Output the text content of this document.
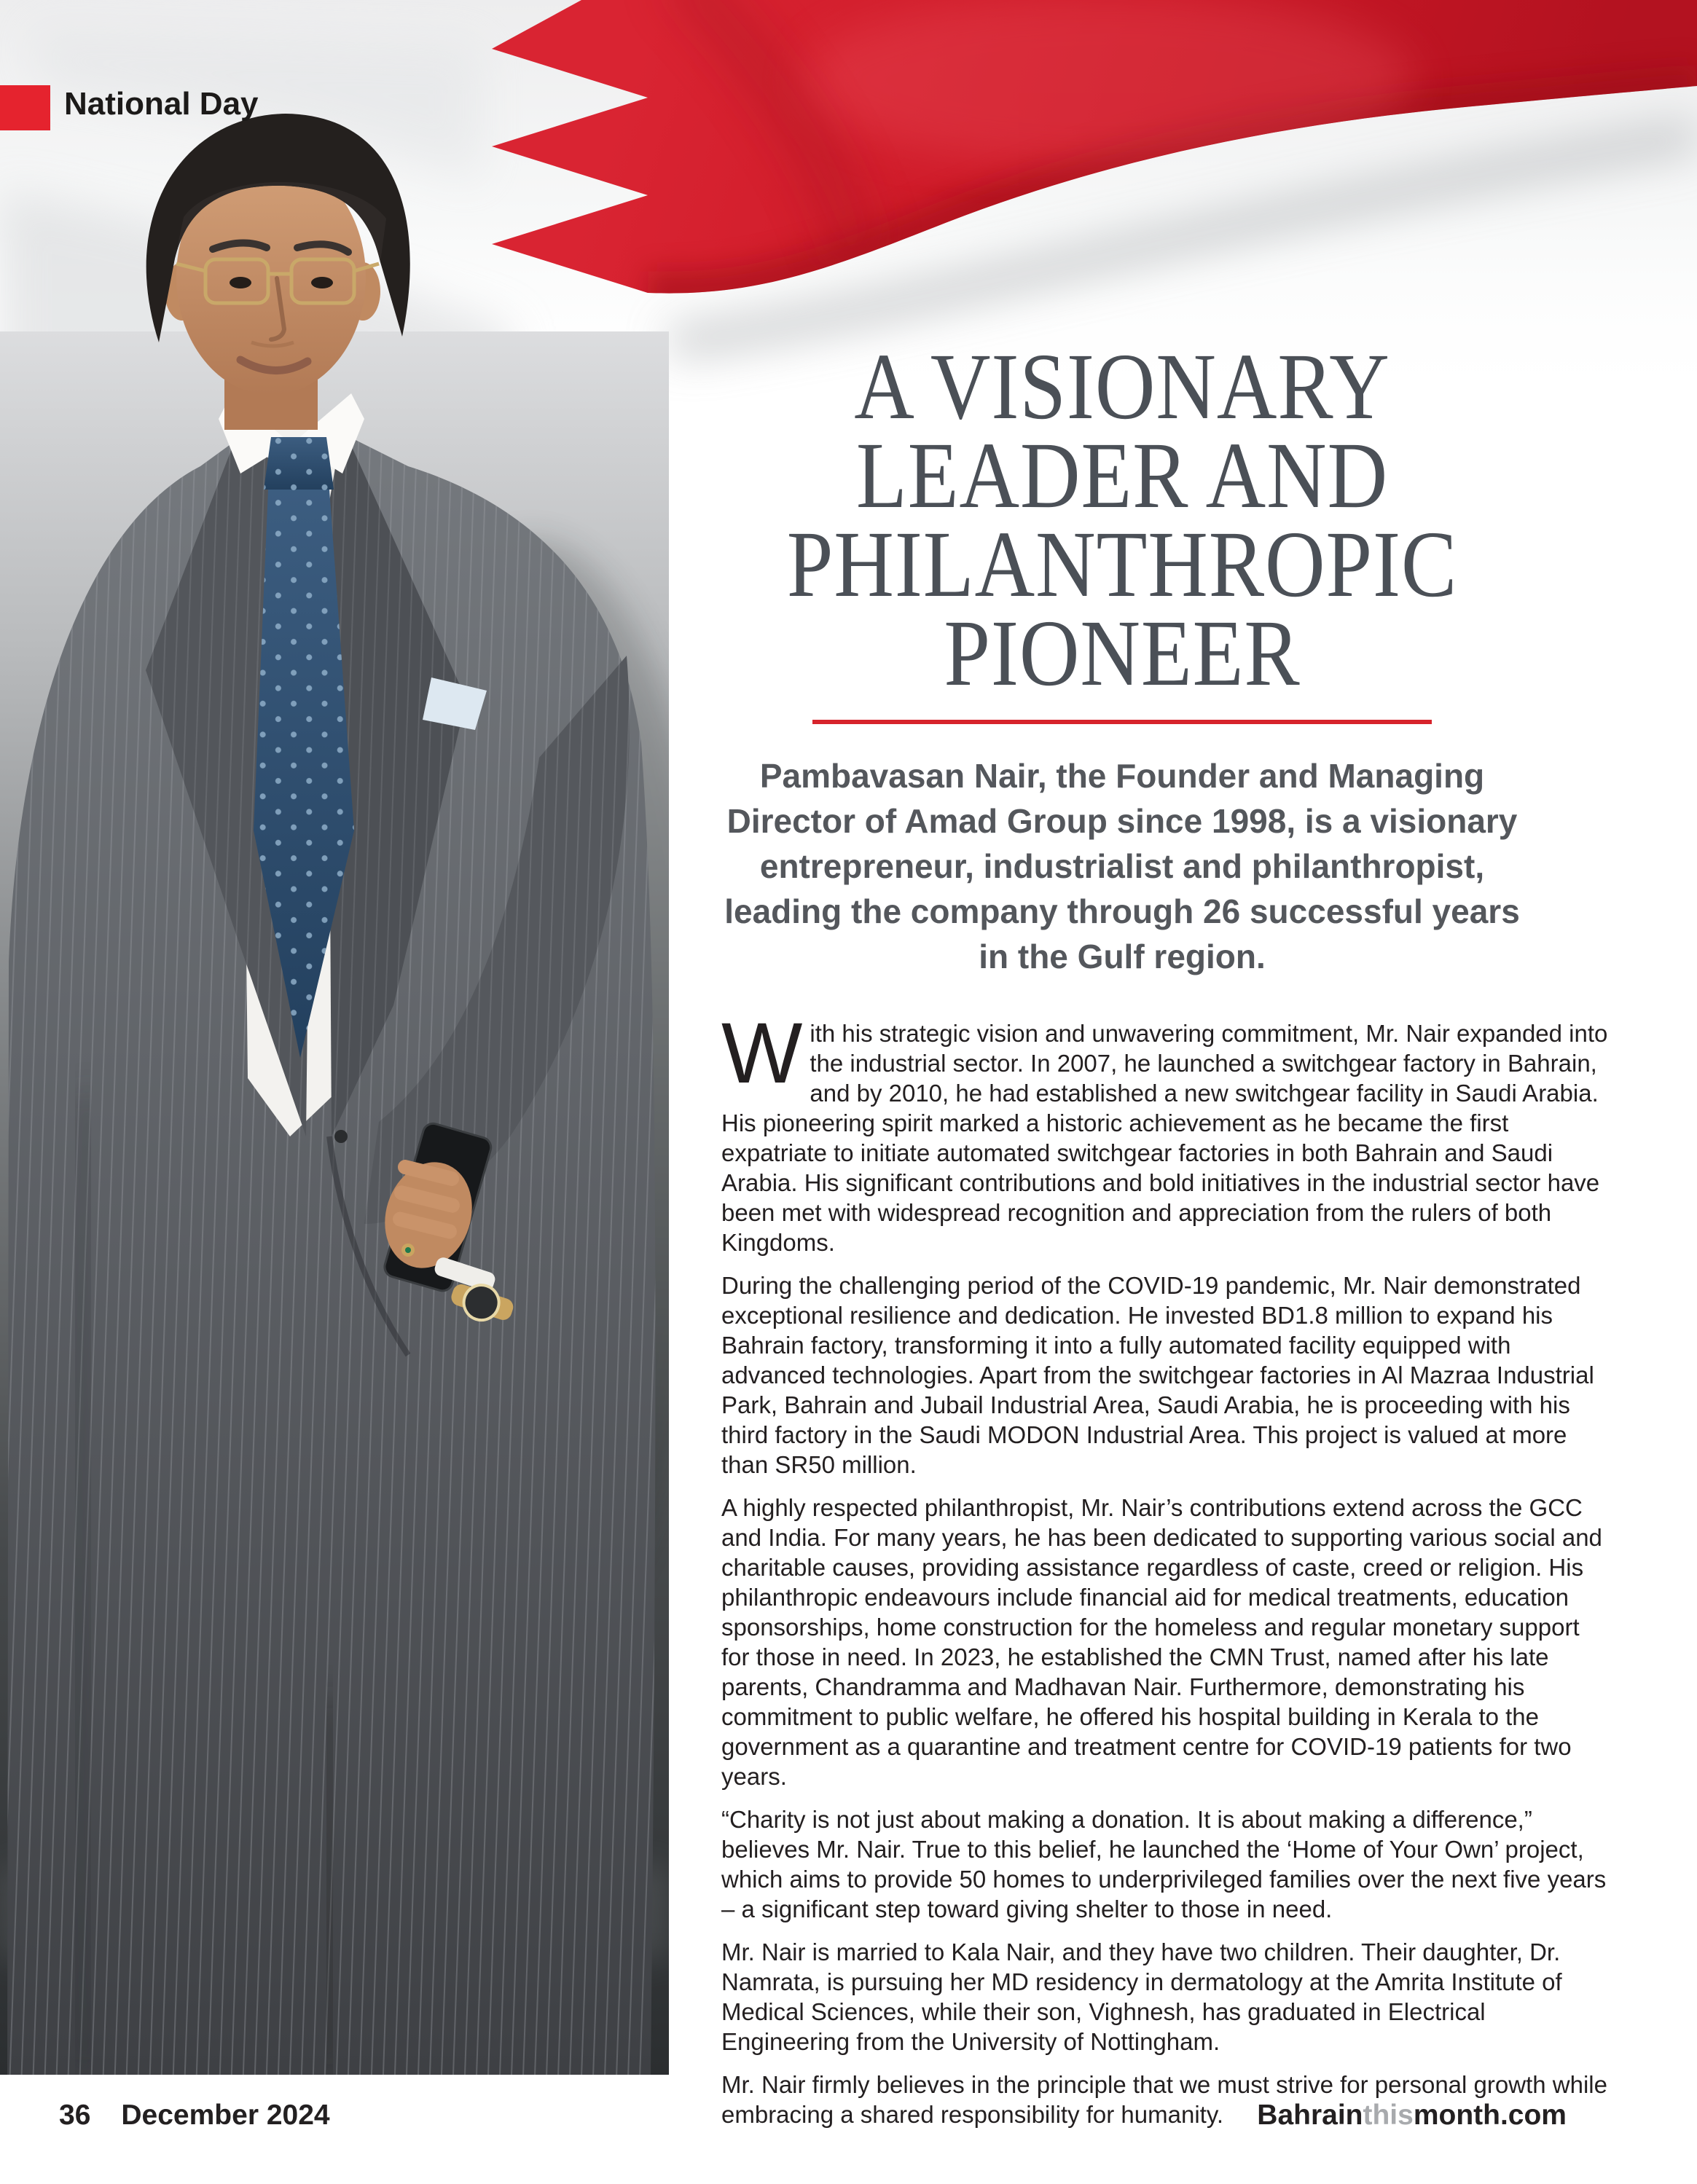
National Day
A VISIONARY
LEADER AND
PHILANTHROPIC
PIONEER
Pambavasan Nair, the Founder and Managing Director of Amad Group since 1998, is a visionary entrepreneur, industrialist and philanthropist, leading the company through 26 successful years in the Gulf region.

With his strategic vision and unwavering commitment, Mr. Nair expanded into the industrial sector. In 2007, he launched a switchgear factory in Bahrain, and by 2010, he had established a new switchgear facility in Saudi Arabia. His pioneering spirit marked a historic achievement as he became the first expatriate to initiate automated switchgear factories in both Bahrain and Saudi Arabia. His significant contributions and bold initiatives in the industrial sector have been met with widespread recognition and appreciation from the rulers of both Kingdoms.

During the challenging period of the COVID-19 pandemic, Mr. Nair demonstrated exceptional resilience and dedication. He invested BD1.8 million to expand his Bahrain factory, transforming it into a fully automated facility equipped with advanced technologies. Apart from the switchgear factories in Al Mazraa Industrial Park, Bahrain and Jubail Industrial Area, Saudi Arabia, he is proceeding with his third factory in the Saudi MODON Industrial Area. This project is valued at more than SR50 million.

A highly respected philanthropist, Mr. Nair’s contributions extend across the GCC and India. For many years, he has been dedicated to supporting various social and charitable causes, providing assistance regardless of caste, creed or religion. His philanthropic endeavours include financial aid for medical treatments, education sponsorships, home construction for the homeless and regular monetary support for those in need. In 2023, he established the CMN Trust, named after his late parents, Chandramma and Madhavan Nair. Furthermore, demonstrating his commitment to public welfare, he offered his hospital building in Kerala to the government as a quarantine and treatment centre for COVID-19 patients for two years.

“Charity is not just about making a donation. It is about making a difference,” believes Mr. Nair. True to this belief, he launched the ‘Home of Your Own’ project, which aims to provide 50 homes to underprivileged families over the next five years – a significant step toward giving shelter to those in need.

Mr. Nair is married to Kala Nair, and they have two children. Their daughter, Dr. Namrata, is pursuing her MD residency in dermatology at the Amrita Institute of Medical Sciences, while their son, Vighnesh, has graduated in Electrical Engineering from the University of Nottingham.

Mr. Nair firmly believes in the principle that we must strive for personal growth while embracing a shared responsibility for humanity.

36 December 2024	Bahrainthismonth.com
